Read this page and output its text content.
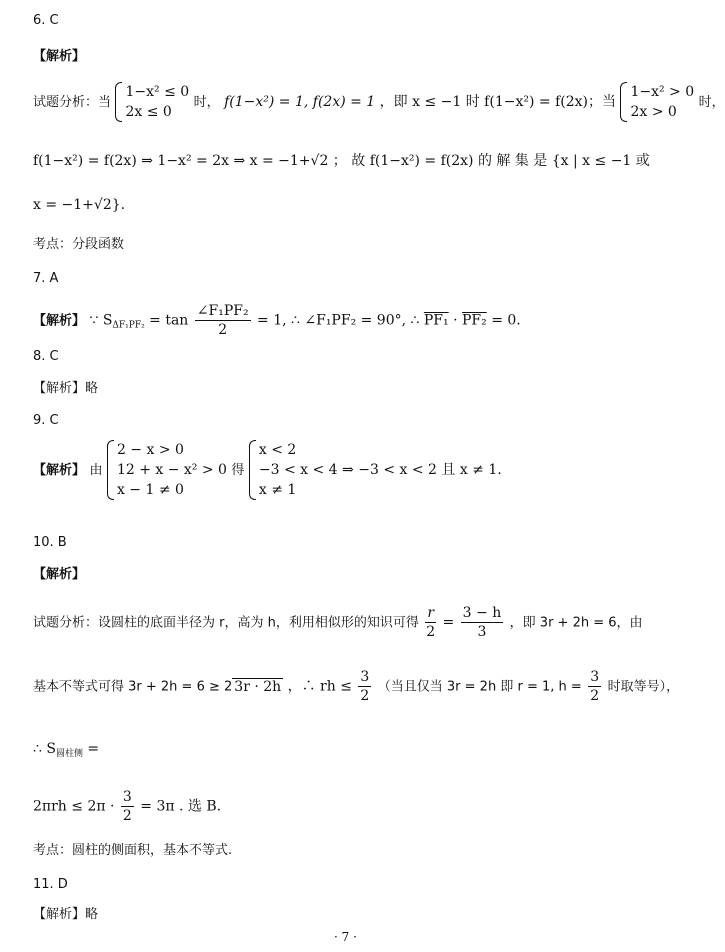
6. C
【解析】
试题分析：当
1−x² ≤ 0
2x ≤ 0
时， f(1−x²) = 1, f(2x) = 1 ，即 x ≤ −1 时 f(1−x²) = f(2x)；当
1−x² > 0
2x > 0
时，
f(1−x²) = f(2x) ⇒ 1−x² = 2x ⇒ x = −1+√2 ； 故 f(1−x²) = f(2x) 的 解 集 是 {x | x ≤ −1 或
x = −1+√2}.
考点：分段函数
7. A
【解析】 ∵ $S_{\Delta F_1PF_2} = \tan \frac{\text{∠F₁PF₂}}{2} = 1$, ∴ ∠F₁PF₂ = 90°, ∴ PF₁ · PF₂ = 0.
8. C
【解析】略
9. C
【解析】 由
2 − x > 0
12 + x − x² > 0
x − 1 ≠ 0
得
x < 2
−3 < x < 4
x ≠ 1
⇒ −3 < x < 2 且 x ≠ 1.
10. B
【解析】
试题分析：设圆柱的底面半径为 r，高为 h，利用相似形的知识可得 $\frac{r}{2} = \frac{3 - h}{3}$ ，即 3r + 2h = 6，由
基本不等式可得 3r + 2h = 6 ≥ 2 3r · 2h ，∴ rh ≤ $\frac{3}{2}$ （当且仅当 3r = 2h 即 r = 1, $h = \frac{3}{2}$ 时取等号），
∴ $S_{圆柱侧}$ =
$2\pi rh \le 2\pi \cdot \frac{3}{2} = 3\pi$ . 选 B.
考点：圆柱的侧面积，基本不等式.
11. D
【解析】略
· 7 ·
